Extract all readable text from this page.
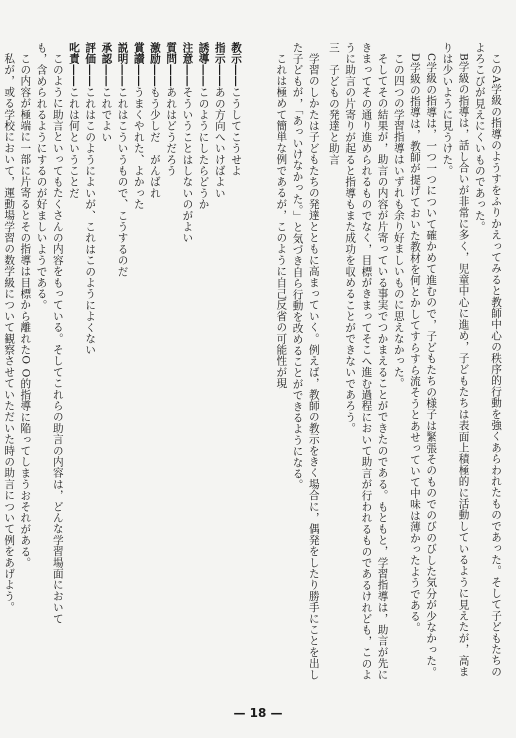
教示――こうしてこうせよ

指示――あの方向へいけばよい

誘導――このようにしたらどうか

注意――そういうことはしないのがよい

質問――あれはどうだろう

激励――もう少しだ　がんばれ

賞讃――うまくやれた、よかった

説明――これはこういうもので、こうするのだ

承認――これでよい

評価――これはこのようによいが、これはこのようによくない

叱責――これは何ということだ

このように助言といってもたくさんの内容をもっている。そしてこれらの助言の内容は，どんな学習場面においても，含められるようにするのが好ましいようである。

この内容が極端に一部に片寄るとその指導は目標から離れたO O的指導に陥ってしまうおそれがある。

私が，或る学校において，運動場学習の数学級について観察させていただいた時の助言について例をあげよう。	このA学級の指導のようすをふりかえってみると教師中心の秩序的行動を強くあらわれたものであった。そして子どもたちのよろこびが見えにくいものであった。

B学級の指導は，話し合いが非常に多く，児童中心に進め，子どもたちは表面上積極的に活動しているように見えたが，高まりは少いように見うけた。

C学級の指導は，一つ一つについて確かめて進むので，子どもたちの様子は緊張そのものでのびのびした気分が少なかった。

D学級の指導は，教師が提げておいた教材を何とかしてすらすら流そうとあせっていて中味は薄かったようである。

この四つの学習指導はいずれも余り好ましいものに思えなかった。

そしてその結果が，助言の内容が片寄っている事実でつかまえることができたのである。もともと，学習指導は，助言が先にきまってその通り進められるものでなく，目標がきまってそこへ進む過程において助言が行われるものであるけれども，このように助言の片寄りが起ると指導もまた成功を収めることができないであろう。

三　子どもの発達と助言

学習のしかたは子どもたちの発達とともに高まっていく。例えば，教師の教示をきく場合に，偶発をしたり勝手にことを出した子どもが，「あっいけなかった。」と気づき自ら行動を改めることができるようになる。

これは極めて簡単な例であるが，このように自己反省の可能性が現

— 18 —
